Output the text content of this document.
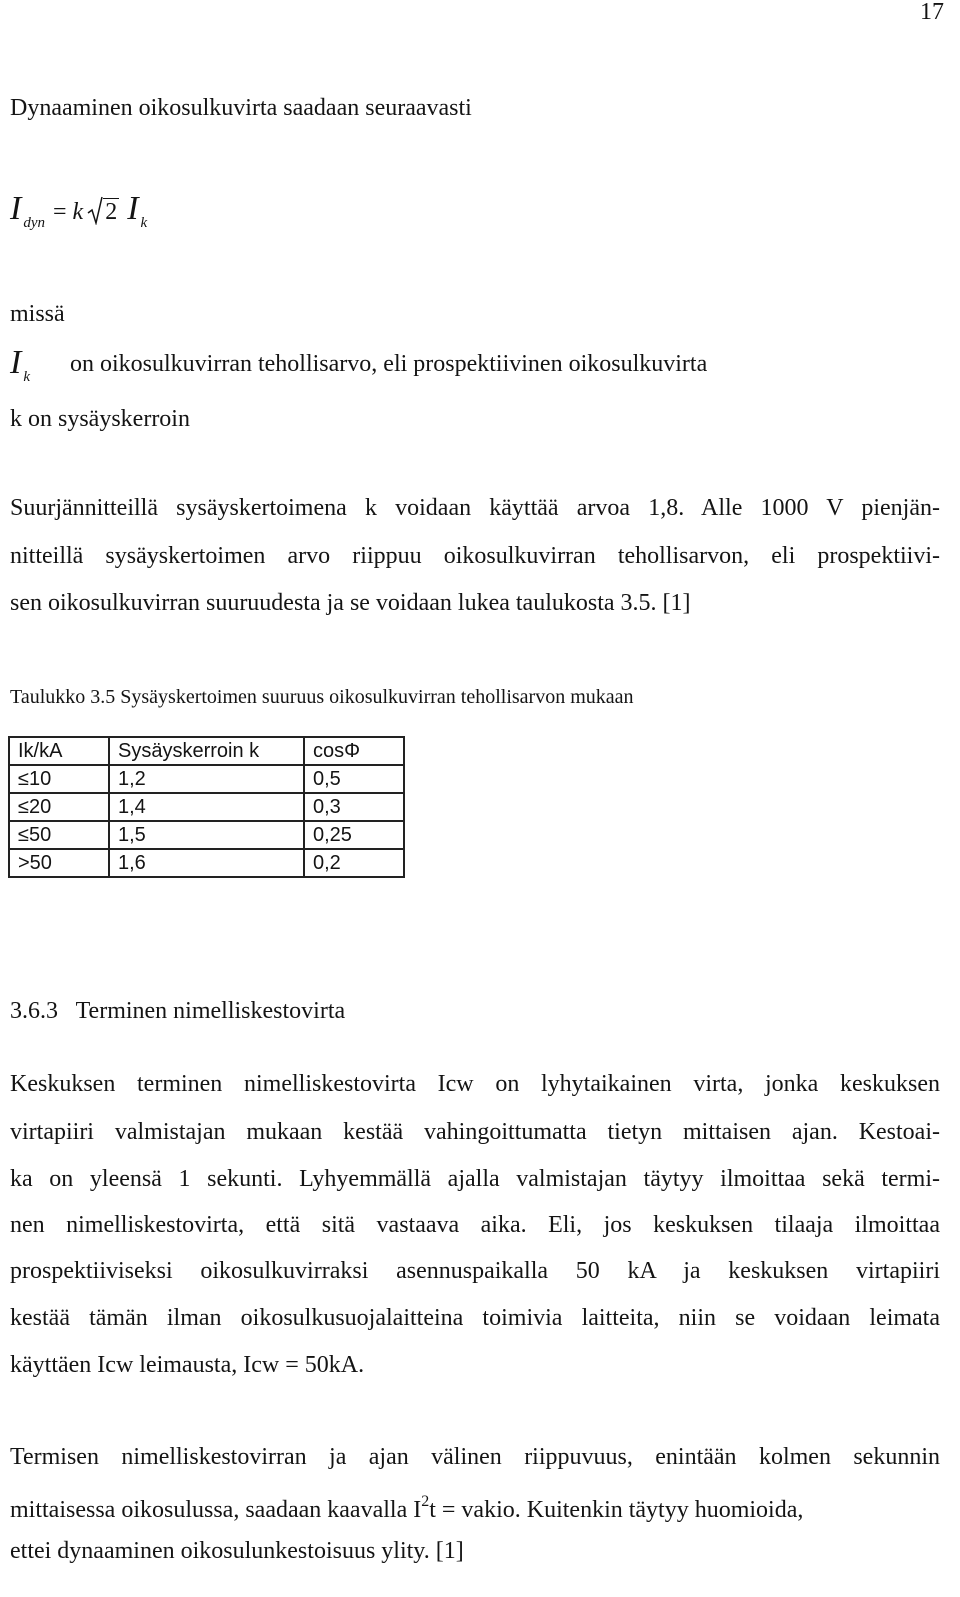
17
Dynaaminen oikosulkuvirta saadaan seuraavasti
Idyn = k 2 I k
missä
Ik on oikosulkuvirran tehollisarvo, eli prospektiivinen oikosulkuvirta
k on sysäyskerroin
Suurjännitteillä sysäyskertoimena k voidaan käyttää arvoa 1,8. Alle 1000 V pienjän-
nitteillä sysäyskertoimen arvo riippuu oikosulkuvirran tehollisarvon, eli prospektiivi-
sen oikosulkuvirran suuruudesta ja se voidaan lukea taulukosta 3.5. [1]
Taulukko 3.5 Sysäyskertoimen suuruus oikosulkuvirran tehollisarvon mukaan
Ik/kA	Sysäyskerroin k	cosΦ
≤10	1,2	0,5
≤20	1,4	0,3
≤50	1,5	0,25
>50	1,6	0,2
3.6.3   Terminen nimelliskestovirta
Keskuksen terminen nimelliskestovirta Icw on lyhytaikainen virta, jonka keskuksen
virtapiiri valmistajan mukaan kestää vahingoittumatta tietyn mittaisen ajan. Kestoai-
ka on yleensä 1 sekunti. Lyhyemmällä ajalla valmistajan täytyy ilmoittaa sekä termi-
nen nimelliskestovirta, että sitä vastaava aika. Eli, jos keskuksen tilaaja ilmoittaa
prospektiiviseksi oikosulkuvirraksi asennuspaikalla 50 kA ja keskuksen virtapiiri
kestää tämän ilman oikosulkusuojalaitteina toimivia laitteita, niin se voidaan leimata
käyttäen Icw leimausta, Icw = 50kA.
Termisen nimelliskestovirran ja ajan välinen riippuvuus, enintään kolmen sekunnin
mittaisessa oikosulussa, saadaan kaavalla $I^2t$ = vakio. Kuitenkin täytyy huomioida,
ettei dynaaminen oikosulunkestoisuus ylity. [1]
